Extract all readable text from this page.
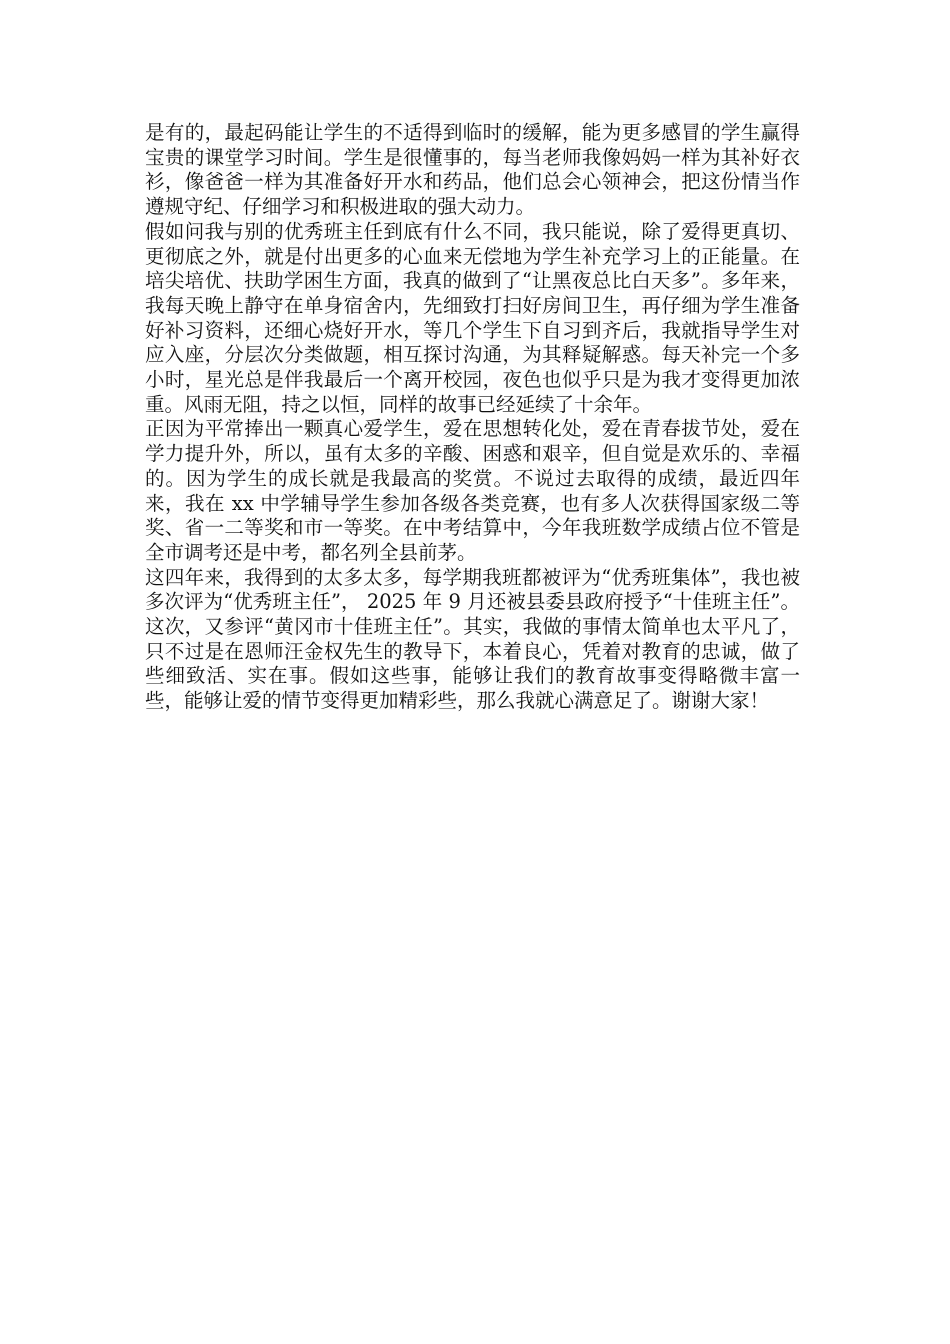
是有的，最起码能让学生的不适得到临时的缓解，能为更多感冒的学生赢得宝贵的课堂学习时间。学生是很懂事的，每当老师我像妈妈一样为其补好衣衫，像爸爸一样为其准备好开水和药品，他们总会心领神会，把这份情当作遵规守纪、仔细学习和积极进取的强大动力。

假如问我与别的优秀班主任到底有什么不同，我只能说，除了爱得更真切、更彻底之外，就是付出更多的心血来无偿地为学生补充学习上的正能量。在培尖培优、扶助学困生方面，我真的做到了“让黑夜总比白天多”。多年来，我每天晚上静守在单身宿舍内，先细致打扫好房间卫生，再仔细为学生准备好补习资料，还细心烧好开水，等几个学生下自习到齐后，我就指导学生对应入座，分层次分类做题，相互探讨沟通，为其释疑解惑。每天补完一个多小时，星光总是伴我最后一个离开校园，夜色也似乎只是为我才变得更加浓重。风雨无阻，持之以恒，同样的故事已经延续了十余年。

正因为平常捧出一颗真心爱学生，爱在思想转化处，爱在青春拔节处，爱在学力提升外，所以，虽有太多的辛酸、困惑和艰辛，但自觉是欢乐的、幸福的。因为学生的成长就是我最高的奖赏。不说过去取得的成绩，最近四年来，我在 xx 中学辅导学生参加各级各类竞赛，也有多人次获得国家级二等奖、省一二等奖和市一等奖。在中考结算中，今年我班数学成绩占位不管是全市调考还是中考，都名列全县前茅。

这四年来，我得到的太多太多，每学期我班都被评为“优秀班集体”，我也被多次评为“优秀班主任”， 2025 年 9 月还被县委县政府授予“十佳班主任”。这次，又参评“黄冈市十佳班主任”。其实，我做的事情太简单也太平凡了，只不过是在恩师汪金权先生的教导下，本着良心，凭着对教育的忠诚，做了些细致活、实在事。假如这些事，能够让我们的教育故事变得略微丰富一些，能够让爱的情节变得更加精彩些，那么我就心满意足了。谢谢大家！
